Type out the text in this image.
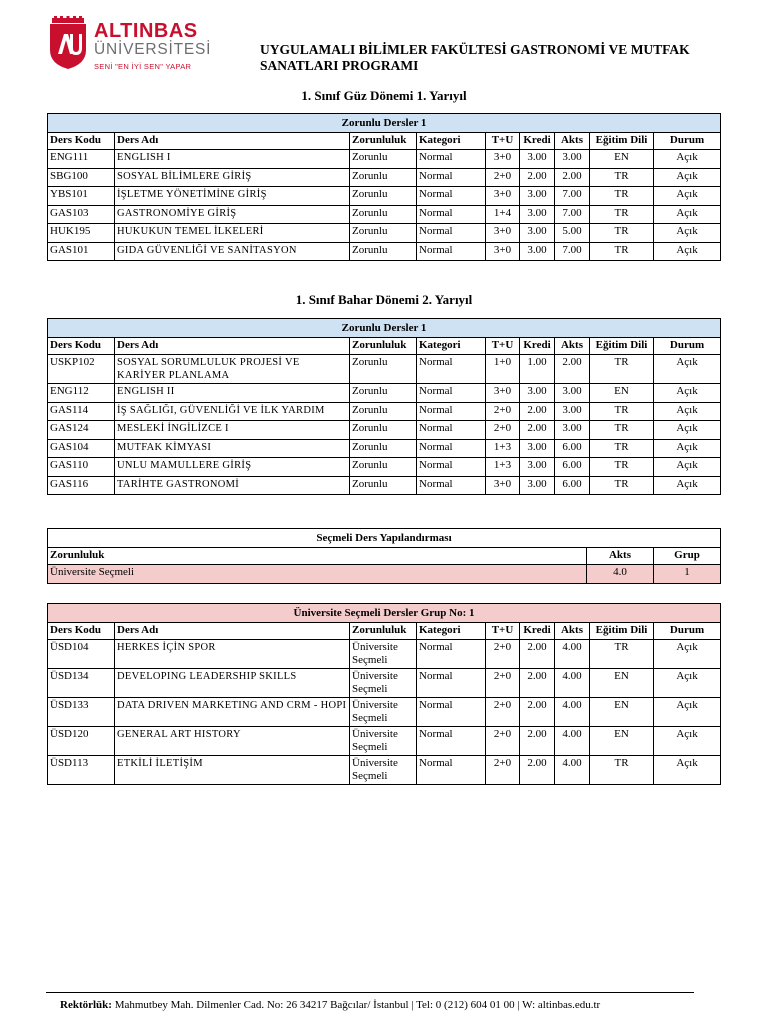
ALTINBAS
ÜNİVERSİTESİ
SENİ "EN İYİ SEN" YAPAR
UYGULAMALI BİLİMLER FAKÜLTESİ GASTRONOMİ VE MUTFAK SANATLARI PROGRAMI
1. Sınıf Güz Dönemi 1. Yarıyıl
Zorunlu Dersler 1								
Ders Kodu	Ders Adı	Zorunluluk	Kategori	T+U	Kredi	Akts	Eğitim Dili	Durum
ENG111	ENGLISH I	Zorunlu	Normal	3+0	3.00	3.00	EN	Açık
SBG100	SOSYAL BİLİMLERE GİRİŞ	Zorunlu	Normal	2+0	2.00	2.00	TR	Açık
YBS101	İŞLETME YÖNETİMİNE GİRİŞ	Zorunlu	Normal	3+0	3.00	7.00	TR	Açık
GAS103	GASTRONOMİYE GİRİŞ	Zorunlu	Normal	1+4	3.00	7.00	TR	Açık
HUK195	HUKUKUN TEMEL İLKELERİ	Zorunlu	Normal	3+0	3.00	5.00	TR	Açık
GAS101	GIDA GÜVENLİĞİ VE SANİTASYON	Zorunlu	Normal	3+0	3.00	7.00	TR	Açık
1. Sınıf Bahar Dönemi 2. Yarıyıl
Zorunlu Dersler 1								
Ders Kodu	Ders Adı	Zorunluluk	Kategori	T+U	Kredi	Akts	Eğitim Dili	Durum
USKP102	SOSYAL SORUMLULUK PROJESİ VE KARİYER PLANLAMA	Zorunlu	Normal	1+0	1.00	2.00	TR	Açık
ENG112	ENGLISH II	Zorunlu	Normal	3+0	3.00	3.00	EN	Açık
GAS114	İŞ SAĞLIĞI, GÜVENLİĞİ VE İLK YARDIM	Zorunlu	Normal	2+0	2.00	3.00	TR	Açık
GAS124	MESLEKİ İNGİLİZCE I	Zorunlu	Normal	2+0	2.00	3.00	TR	Açık
GAS104	MUTFAK KİMYASI	Zorunlu	Normal	1+3	3.00	6.00	TR	Açık
GAS110	UNLU MAMULLERE GİRİŞ	Zorunlu	Normal	1+3	3.00	6.00	TR	Açık
GAS116	TARİHTE GASTRONOMİ	Zorunlu	Normal	3+0	3.00	6.00	TR	Açık
Seçmeli Ders Yapılandırması		
Zorunluluk	Akts	Grup
Üniversite Seçmeli	4.0	1
Üniversite Seçmeli Dersler Grup No: 1								
Ders Kodu	Ders Adı	Zorunluluk	Kategori	T+U	Kredi	Akts	Eğitim Dili	Durum
ÜSD104	HERKES İÇİN SPOR	Üniversite Seçmeli	Normal	2+0	2.00	4.00	TR	Açık
ÜSD134	DEVELOPING LEADERSHIP SKILLS	Üniversite Seçmeli	Normal	2+0	2.00	4.00	EN	Açık
ÜSD133	DATA DRIVEN MARKETING AND CRM - HOPI	Üniversite Seçmeli	Normal	2+0	2.00	4.00	EN	Açık
ÜSD120	GENERAL ART HISTORY	Üniversite Seçmeli	Normal	2+0	2.00	4.00	EN	Açık
ÜSD113	ETKİLİ İLETİŞİM	Üniversite Seçmeli	Normal	2+0	2.00	4.00	TR	Açık
Rektörlük: Mahmutbey Mah. Dilmenler Cad. No: 26 34217 Bağcılar/ İstanbul | Tel: 0 (212) 604 01 00 | W: altinbas.edu.tr
